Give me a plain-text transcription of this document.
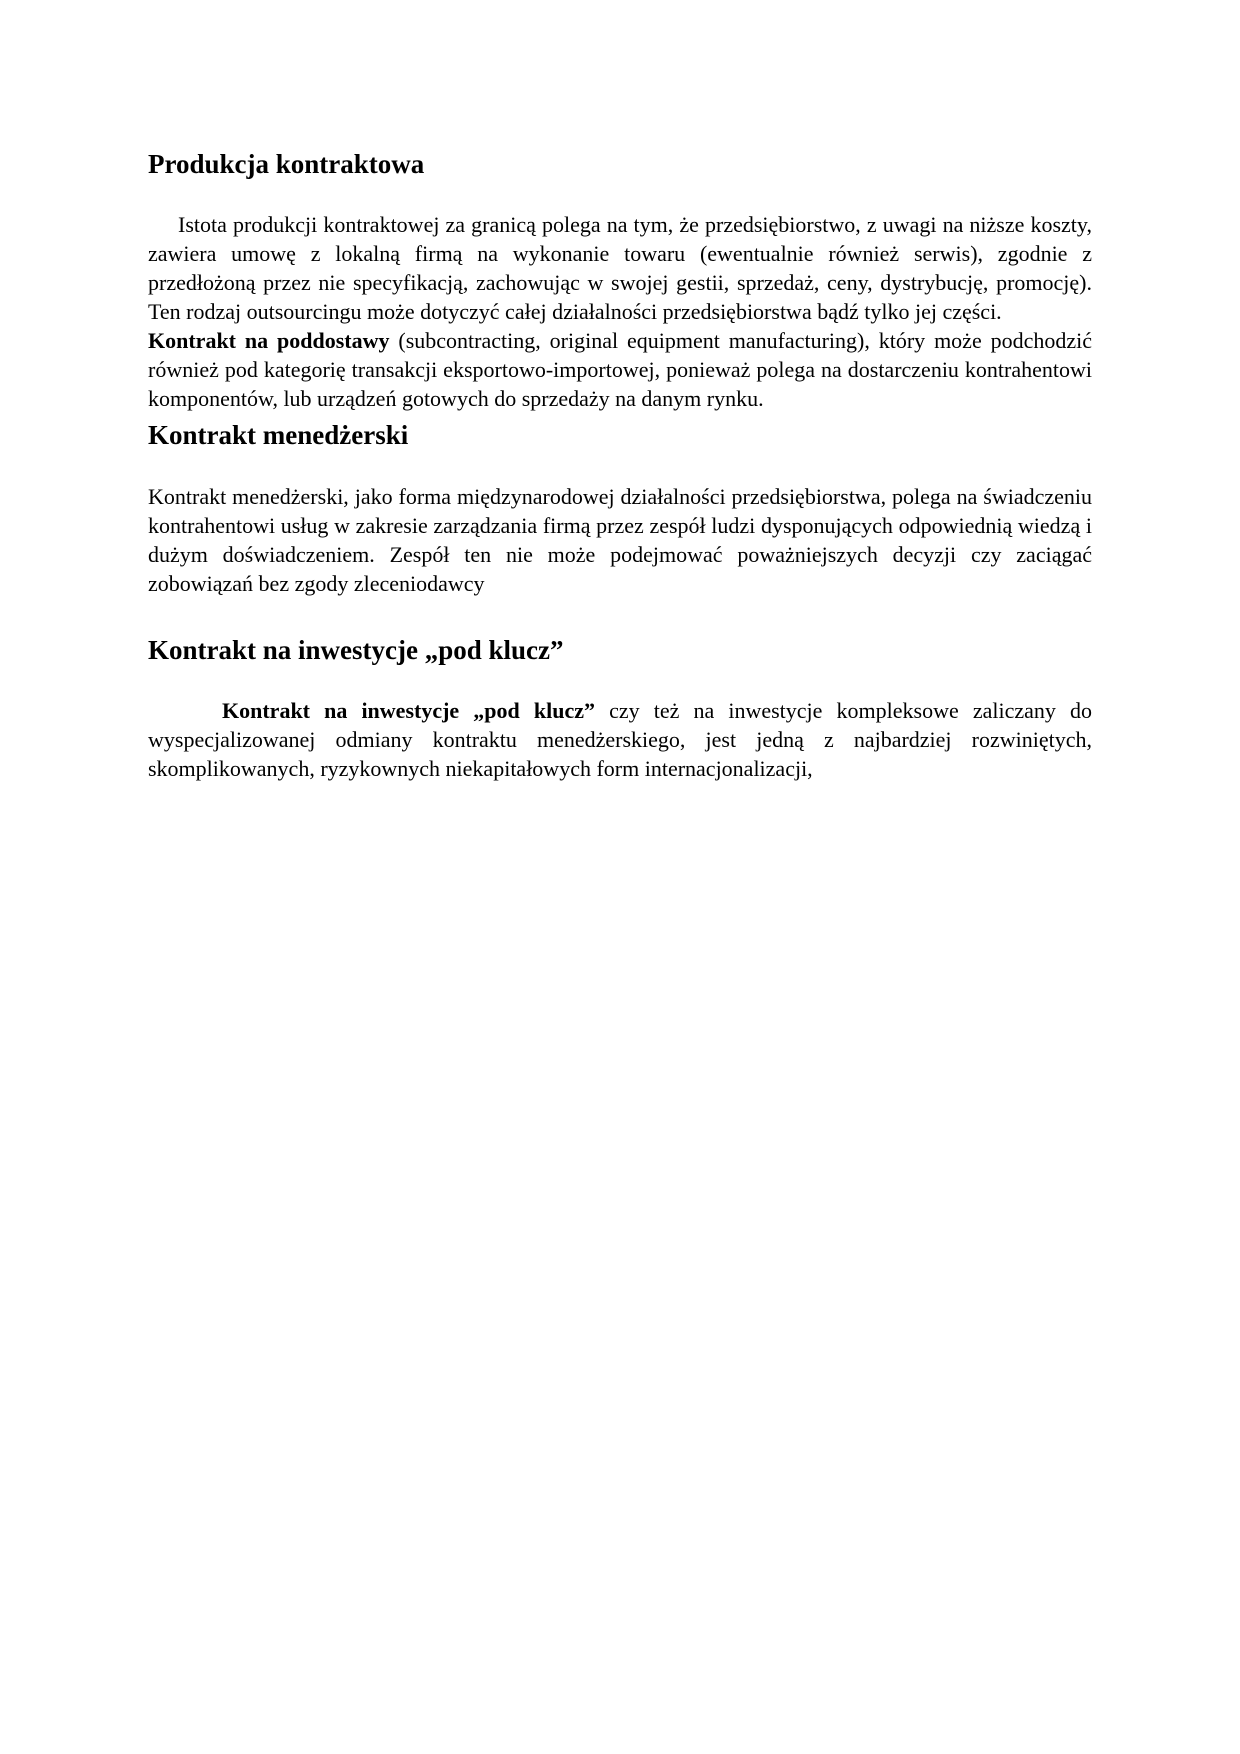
Produkcja kontraktowa

Istota produkcji kontraktowej za granicą polega na tym, że przedsiębiorstwo, z uwagi na niższe koszty, zawiera umowę z lokalną firmą na wykonanie towaru (ewentualnie również serwis), zgodnie z przedłożoną przez nie specyfikacją, zachowując w swojej gestii, sprzedaż, ceny, dystrybucję, promocję). Ten rodzaj outsourcingu może dotyczyć całej działalności przedsiębiorstwa bądź tylko jej części.

Kontrakt na poddostawy (subcontracting, original equipment manufacturing), który może podchodzić również pod kategorię transakcji eksportowo-importowej, ponieważ polega na dostarczeniu kontrahentowi komponentów, lub urządzeń gotowych do sprzedaży na danym rynku.

Kontrakt menedżerski

Kontrakt menedżerski, jako forma międzynarodowej działalności przedsiębiorstwa, polega na świadczeniu kontrahentowi usług w zakresie zarządzania firmą przez zespół ludzi dysponujących odpowiednią wiedzą i dużym doświadczeniem. Zespół ten nie może podejmować poważniejszych decyzji czy zaciągać zobowiązań bez zgody zleceniodawcy

Kontrakt na inwestycje „pod klucz”

Kontrakt na inwestycje „pod klucz” czy też na inwestycje kompleksowe zaliczany do wyspecjalizowanej odmiany kontraktu menedżerskiego, jest jedną z najbardziej rozwiniętych, skomplikowanych, ryzykownych niekapitałowych form internacjonalizacji,
